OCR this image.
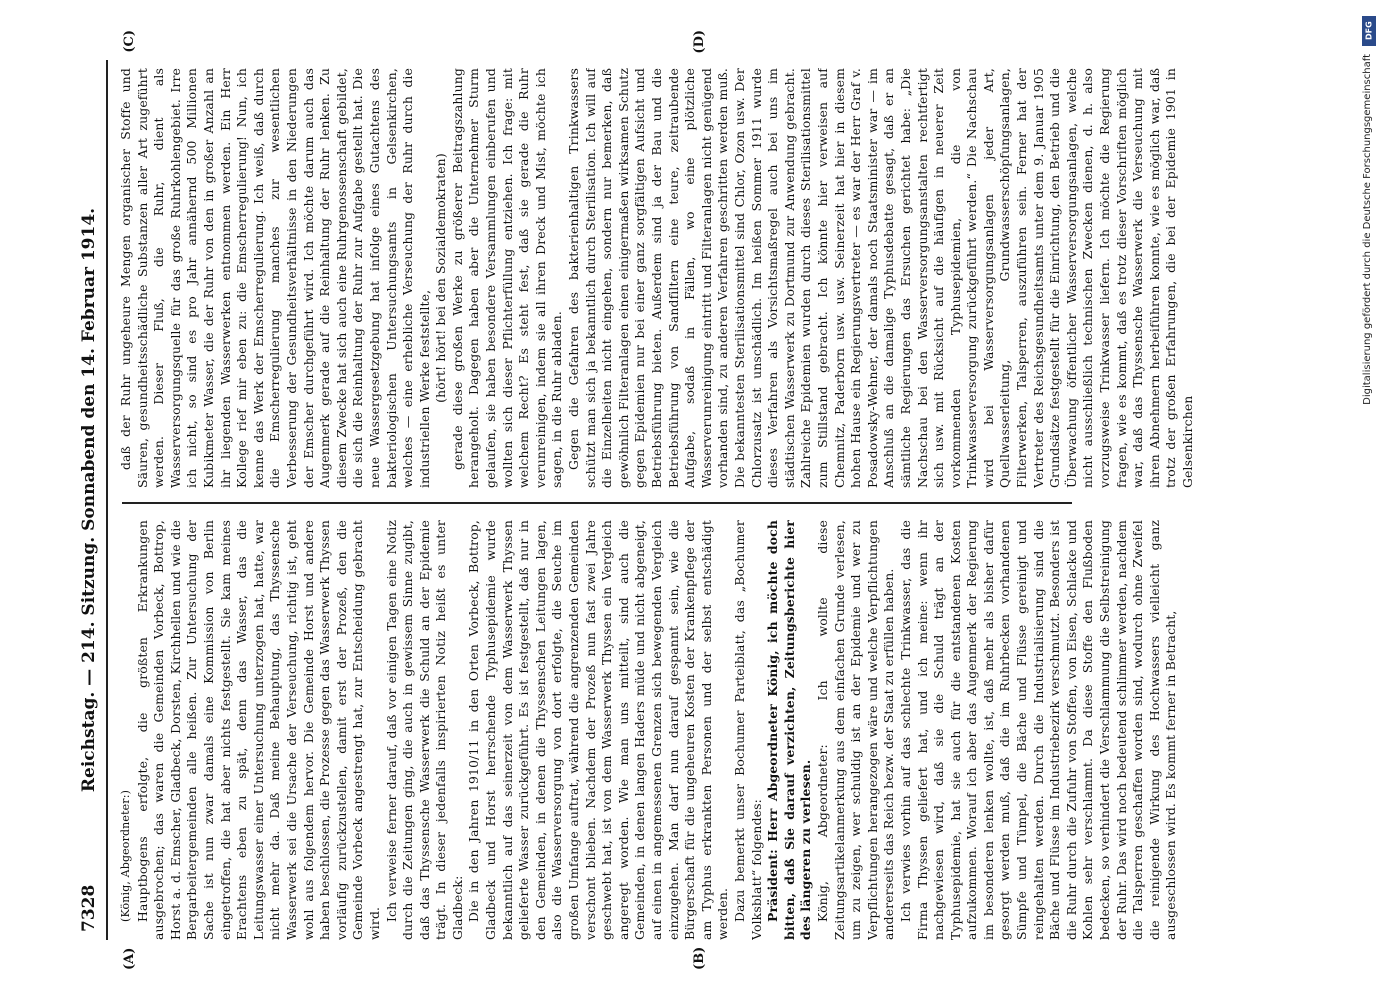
7328
Reichstag. — 214. Sitzung. Sonnabend den 14. Februar 1914.
(A)	(B)
(C)	(D)

(König, Abgeordneter:) Hauptbogens erfolgte, die größten Erkrankungen ausgebrochen; das waren die Gemeinden Vorbeck, Bottrop, Horst a. d. Emscher, Gladbeck, Dorsten, Kirchhellen und wie die Bergarbeitergemeinden alle heißen. Zur Untersuchung der Sache ist nun zwar damals eine Kommission von Berlin eingetroffen, die hat aber nichts festgestellt. Sie kam meines Erachtens eben zu spät, denn das Wasser, das die Leitungswasser einer Untersuchung unterzogen hat, hatte, war nicht mehr da. Daß meine Behauptung, das Thyssensche Wasserwerk sei die Ursache der Verseuchung, richtig ist, geht wohl aus folgendem hervor. Die Gemeinde Horst und andere haben beschlossen, die Prozesse gegen das Wasserwerk Thyssen vorläufig zurückzustellen, damit erst der Prozeß, den die Gemeinde Vorbeck angestrengt hat, zur Entscheidung gebracht wird.

Ich verweise ferner darauf, daß vor einigen Tagen eine Notiz durch die Zeitungen ging, die auch in gewissem Sinne zugibt, daß das Thyssensche Wasserwerk die Schuld an der Epidemie trägt. In dieser jedenfalls inspirierten Notiz heißt es unter Gladbeck: Die in den Jahren 1910/11 in den Orten Vorbeck, Bottrop, Gladbeck und Horst herrschende Typhusepidemie wurde bekanntlich auf das seinerzeit von dem Wasserwerk Thyssen gelieferte Wasser zurückgeführt. Es ist festgestellt, daß nur in den Gemeinden, in denen die Thyssenschen Leitungen lagen, also die Wasserversorgung von dort erfolgte, die Seuche im großen Umfange auftrat, während die angrenzenden Gemeinden verschont blieben. Nachdem der Prozeß nun fast zwei Jahre geschwebt hat, ist von dem Wasserwerk Thyssen ein Vergleich angeregt worden. Wie man uns mitteilt, sind auch die Gemeinden, in denen langen Haders müde und nicht abgeneigt, auf einen in angemessenen Grenzen sich bewegenden Vergleich einzugehen. Man darf nun darauf gespannt sein, wie die Bürgerschaft für die ungeheuren Kosten der Krankenpflege der am Typhus erkrankten Personen und der selbst entschädigt werden. Dazu bemerkt unser Bochumer Parteiblatt, das „Bochumer Volksblatt“ folgendes: Präsident: Herr Abgeordneter König, ich möchte doch bitten, daß Sie darauf verzichten, Zeitungsberichte hier des längeren zu verlesen. König, Abgeordneter: Ich wollte diese Zeitungsartikelanmerkung aus dem einfachen Grunde verlesen, um zu zeigen, wer schuldig ist an der Epidemie und wer zu Verpflichtungen herangezogen wäre und welche Verpflichtungen andererseits das Reich bezw. der Staat zu erfüllen haben. Ich verwies vorhin auf das schlechte Trinkwasser, das die Firma Thyssen geliefert hat, und ich meine: wenn ihr nachgewiesen wird, daß sie die Schuld trägt an der Typhusepidemie, hat sie auch für die entstandenen Kosten aufzukommen. Worauf ich aber das Augenmerk der Regierung im besonderen lenken wollte, ist, daß mehr als bisher dafür gesorgt werden muß, daß die im Ruhrbecken vorhandenen Sümpfe und Tümpel, die Bäche und Flüsse gereinigt und reingehalten werden. Durch die Industrialisierung sind die Bäche und Flüsse im Industriebezirk verschmutzt. Besonders ist die Ruhr durch die Zufuhr von Stoffen, von Eisen, Schlacke und Kohlen sehr verschlammt. Da diese Stoffe den Flußboden bedecken, so verhindert die Verschlammung die Selbstreinigung der Ruhr. Das wird noch bedeutend schlimmer werden, nachdem die Talsperren geschaffen worden sind, wodurch ohne Zweifel die reinigende Wirkung des Hochwassers vielleicht ganz ausgeschlossen wird. Es kommt ferner in Betracht,

daß der Ruhr ungeheure Mengen organischer Stoffe und Säuren, gesundheitsschädliche Substanzen aller Art zugeführt werden. Dieser Fluß, die Ruhr, dient als Wasserversorgungsquelle für das große Ruhrkohlengebiet. Irre ich nicht, so sind es pro Jahr annähernd 500 Millionen Kubikmeter Wasser, die der Ruhr von den in großer Anzahl an ihr liegenden Wasserwerken entnommen werden. Ein Herr Kollege rief mir eben zu: die Emscherregulierung! Nun, ich kenne das Werk der Emscherregulierung. Ich weiß, daß durch die Emscherregulierung manches zur wesentlichen Verbesserung der Gesundheitsverhältnisse in den Niederungen der Emscher durchgeführt wird. Ich möchte darum auch das Augenmerk gerade auf die Reinhaltung der Ruhr lenken. Zu diesem Zwecke hat sich auch eine Ruhrgenossenschaft gebildet, die sich die Reinhaltung der Ruhr zur Aufgabe gestellt hat. Die neue Wassergesetzgebung hat infolge eines Gutachtens des bakteriologischen Untersuchungsamts in Gelsenkirchen, welches — eine erhebliche Verseuchung der Ruhr durch die industriellen Werke feststellte, (hört! hört! bei den Sozialdemokraten) gerade diese großen Werke zu größerer Beitragszahlung herangeholt. Dagegen haben aber die Unternehmer Sturm gelaufen, sie haben besondere Versammlungen einberufen und wollten sich dieser Pflichterfüllung entziehen. Ich frage: mit welchem Recht? Es steht fest, daß sie gerade die Ruhr verunreinigen, indem sie all ihren Dreck und Mist, möchte ich sagen, in die Ruhr abladen. Gegen die Gefahren des bakterienhaltigen Trinkwassers schützt man sich ja bekanntlich durch Sterilisation. Ich will auf die Einzelheiten nicht eingehen, sondern nur bemerken, daß gewöhnlich Filteranlagen einen einigermaßen wirksamen Schutz gegen Epidemien nur bei einer ganz sorgfältigen Aufsicht und Betriebsführung bieten. Außerdem sind ja der Bau und die Betriebsführung von Sandfiltern eine teure, zeitraubende Aufgabe, sodaß in Fällen, wo eine plötzliche Wasserverunreinigung eintritt und Filteranlagen nicht genügend vorhanden sind, zu anderen Verfahren geschritten werden muß. Die bekanntesten Sterilisationsmittel sind Chlor, Ozon usw. Der Chlorzusatz ist unschädlich. Im heißen Sommer 1911 wurde dieses Verfahren als Vorsichtsmaßregel auch bei uns im städtischen Wasserwerk zu Dortmund zur Anwendung gebracht. Zahlreiche Epidemien wurden durch dieses Sterilisationsmittel zum Stillstand gebracht. Ich könnte hier verweisen auf Chemnitz, Paderborn usw. usw. Seinerzeit hat hier in diesem hohen Hause ein Regierungsvertreter — es war der Herr Graf v. Posadowsky-Wehner, der damals noch Staatsminister war — im Anschluß an die damalige Typhusdebatte gesagt, daß er an sämtliche Regierungen das Ersuchen gerichtet habe: „Die Nachschau bei den Wasserversorgungsanstalten rechtfertigt sich usw. mit Rücksicht auf die häufigen in neuerer Zeit vorkommenden Typhusepidemien, die von Trinkwasserversorgung zurückgeführt werden.“ Die Nachschau wird bei Wasserversorgungsanlagen jeder Art, Quellwasserleitung, Grundwasserschöpfungsanlagen, Filterwerken, Talsperren, auszuführen sein. Ferner hat der Vertreter des Reichsgesundheitsamts unter dem 9. Januar 1905 Grundsätze festgestellt für die Einrichtung, den Betrieb und die Überwachung öffentlicher Wasserversorgungsanlagen, welche nicht ausschließlich technischen Zwecken dienen, d. h. also vorzugsweise Trinkwasser liefern. Ich möchte die Regierung fragen, wie es kommt, daß es trotz dieser Vorschriften möglich war, daß das Thyssensche Wasserwerk die Verseuchung mit ihren Abnehmern herbeiführen konnte, wie es möglich war, daß trotz der großen Erfahrungen, die bei der Epidemie 1901 in Gelsenkirchen

DFG
Digitalisierung gefördert durch die Deutsche Forschungsgemeinschaft
